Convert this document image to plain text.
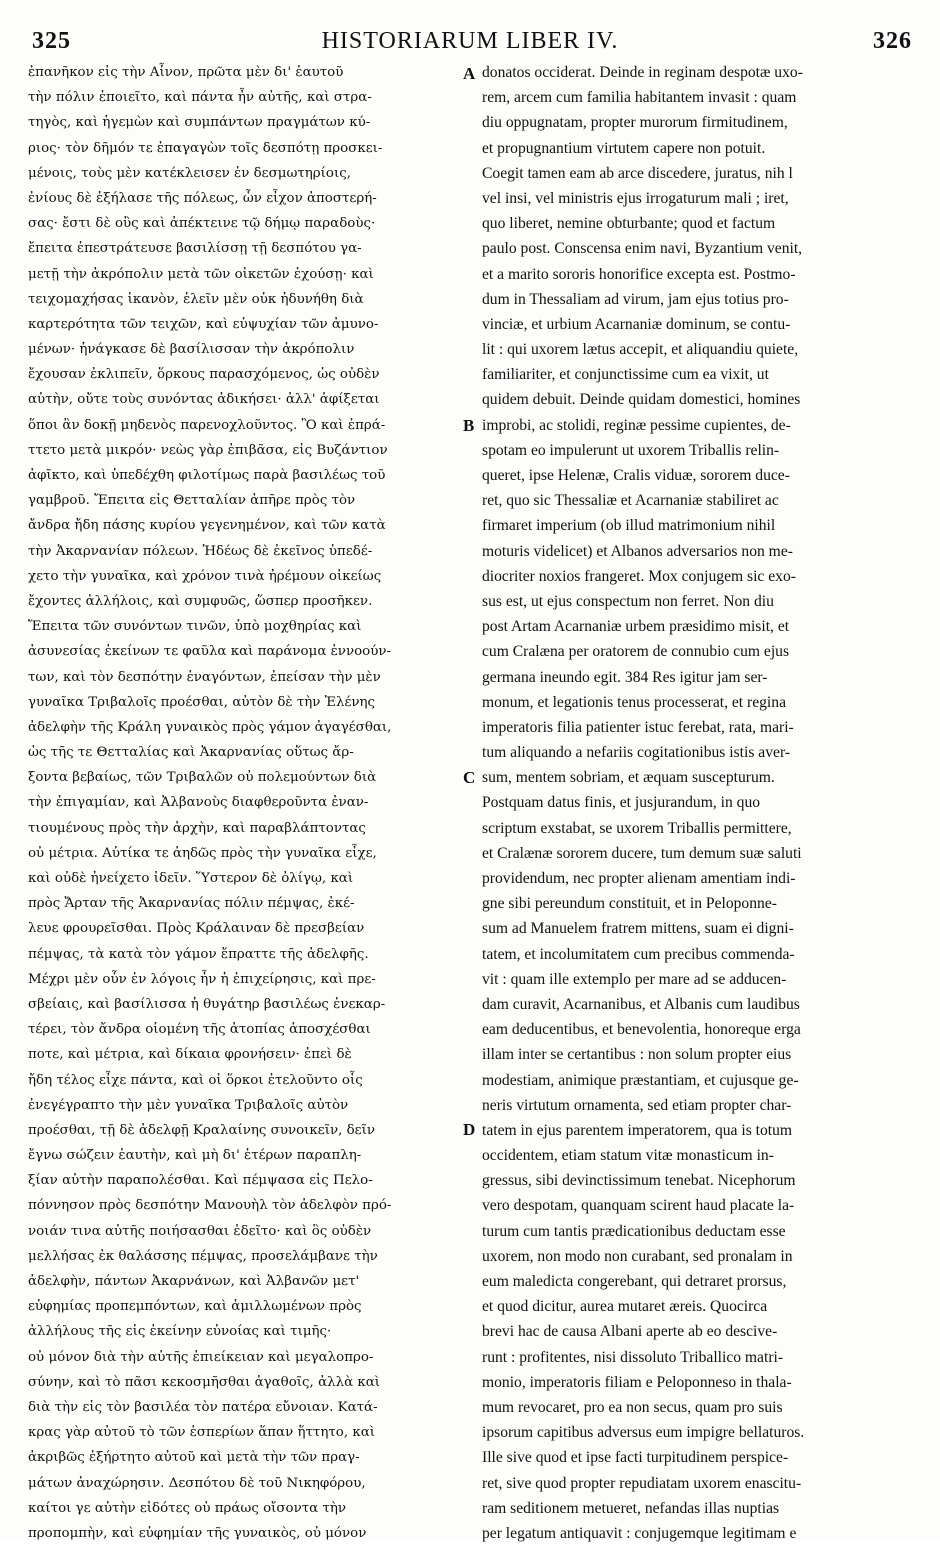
325	HISTORIARUM LIBER IV.	326
ἐπανῆκον εἰς τὴν Αἶνον, πρῶτα μὲν δι' ἑαυτοῦ
τὴν πόλιν ἐποιεῖτο, καὶ πάντα ἦν αὐτῆς, καὶ στρα-
τηγὸς, καὶ ἡγεμὼν καὶ συμπάντων πραγμάτων κύ-
ριος· τὸν δῆμόν τε ἐπαγαγὼν τοῖς δεσπότῃ προσκει-
μένοις, τοὺς μὲν κατέκλεισεν ἐν δεσμωτηρίοις,
ἐνίους δὲ ἐξήλασε τῆς πόλεως, ὧν εἶχον ἀποστερή-
σας· ἔστι δὲ οὓς καὶ ἀπέκτεινε τῷ δήμῳ παραδοὺς·
ἔπειτα ἐπεστράτευσε βασιλίσσῃ τῇ δεσπότου γα-
μετῇ τὴν ἀκρόπολιν μετὰ τῶν οἰκετῶν ἐχούσῃ· καὶ
τειχομαχήσας ἱκανὸν, ἑλεῖν μὲν οὐκ ἠδυνήθη διὰ
καρτερότητα τῶν τειχῶν, καὶ εὐψυχίαν τῶν ἀμυνο-
μένων· ἠνάγκασε δὲ βασίλισσαν τὴν ἀκρόπολιν
ἔχουσαν ἐκλιπεῖν, ὅρκους παρασχόμενος, ὡς οὐδὲν
αὐτὴν, οὔτε τοὺς συνόντας ἀδικήσει· ἀλλ' ἀφίξεται
ὅποι ἂν δοκῇ μηδενὸς παρενοχλοῦντος. Ὃ καὶ ἐπρά-
ττετο μετὰ μικρόν· νεὼς γὰρ ἐπιβᾶσα, εἰς Βυζάντιον
ἀφῖκτο, καὶ ὑπεδέχθη φιλοτίμως παρὰ βασιλέως τοῦ
γαμβροῦ. Ἔπειτα εἰς Θετταλίαν ἀπῆρε πρὸς τὸν
ἄνδρα ἤδη πάσης κυρίου γεγενημένον, καὶ τῶν κατὰ
τὴν Ἀκαρνανίαν πόλεων. Ἠδέως δὲ ἐκεῖνος ὑπεδέ-
χετο τὴν γυναῖκα, καὶ χρόνον τινὰ ἠρέμουν οἰκείως
ἔχοντες ἀλλήλοις, καὶ συμφυῶς, ὥσπερ προσῆκεν.
Ἔπειτα τῶν συνόντων τινῶν, ὑπὸ μοχθηρίας καὶ
ἀσυνεσίας ἐκείνων τε φαῦλα καὶ παράνομα ἐννοούν-
των, καὶ τὸν δεσπότην ἐναγόντων, ἐπείσαν τὴν μὲν
γυναῖκα Τριβαλοῖς προέσθαι, αὐτὸν δὲ τὴν Ἑλένης
ἀδελφὴν τῆς Κράλη γυναικὸς πρὸς γάμον ἀγαγέσθαι,
ὡς τῆς τε Θετταλίας καὶ Ἀκαρνανίας οὕτως ἄρ-
ξοντα βεβαίως, τῶν Τριβαλῶν οὐ πολεμούντων διὰ
τὴν ἐπιγαμίαν, καὶ Ἀλβανοὺς διαφθεροῦντα ἐναν-
τιουμένους πρὸς τὴν ἀρχὴν, καὶ παραβλάπτοντας
οὐ μέτρια. Αὐτίκα τε ἀηδῶς πρὸς τὴν γυναῖκα εἶχε,
καὶ οὐδὲ ἠνείχετο ἰδεῖν. Ὕστερον δὲ ὀλίγῳ, καὶ
πρὸς Ἄρταν τῆς Ἀκαρνανίας πόλιν πέμψας, ἐκέ-
λευε φρουρεῖσθαι. Πρὸς Κράλαιναν δὲ πρεσβείαν
πέμψας, τὰ κατὰ τὸν γάμον ἔπραττε τῆς ἀδελφῆς.
Μέχρι μὲν οὖν ἐν λόγοις ἦν ἡ ἐπιχείρησις, καὶ πρε-
σβείαις, καὶ βασίλισσα ἡ θυγάτηρ βασιλέως ἐνεκαρ-
τέρει, τὸν ἄνδρα οἰομένη τῆς ἀτοπίας ἀποσχέσθαι
ποτε, καὶ μέτρια, καὶ δίκαια φρονήσειν· ἐπεὶ δὲ
ἤδη τέλος εἶχε πάντα, καὶ οἱ ὅρκοι ἐτελοῦντο οἷς
ἐνεγέγραπτο τὴν μὲν γυναῖκα Τριβαλοῖς αὐτὸν
προέσθαι, τῇ δὲ ἀδελφῇ Κραλαίνης συνοικεῖν, δεῖν
ἔγνω σώζειν ἑαυτὴν, καὶ μὴ δι' ἑτέρων παραπλη-
ξίαν αὐτὴν παραπολέσθαι. Καὶ πέμψασα εἰς Πελο-
πόννησον πρὸς δεσπότην Μανουὴλ τὸν ἀδελφὸν πρό-
νοιάν τινα αὐτῆς ποιήσασθαι ἐδεῖτο· καὶ ὃς οὐδὲν
μελλήσας ἐκ θαλάσσης πέμψας, προσελάμβανε τὴν
ἀδελφὴν, πάντων Ἀκαρνάνων, καὶ Ἀλβανῶν μετ'
εὐφημίας προπεμπόντων, καὶ ἁμιλλωμένων πρὸς
ἀλλήλους τῆς εἰς ἐκείνην εὐνοίας καὶ τιμῆς·
οὐ μόνον διὰ τὴν αὐτῆς ἐπιείκειαν καὶ μεγαλοπρο-
σύνην, καὶ τὸ πᾶσι κεκοσμῆσθαι ἀγαθοῖς, ἀλλὰ καὶ
διὰ τὴν εἰς τὸν βασιλέα τὸν πατέρα εὔνοιαν. Κατά-
κρας γὰρ αὐτοῦ τὸ τῶν ἑσπερίων ἅπαν ἥττητο, καὶ
ἀκριβῶς ἐξήρτητο αὐτοῦ καὶ μετὰ τὴν τῶν πραγ-
μάτων ἀναχώρησιν. Δεσπότου δὲ τοῦ Νικηφόρου,
καίτοι γε αὐτὴν εἰδότες οὐ πράως οἴσοντα τὴν
προπομπὴν, καὶ εὐφημίαν τῆς γυναικὸς, οὐ μόνον
A
B
C
D
donatos occiderat. Deinde in reginam despotæ uxo-
rem, arcem cum familia habitantem invasit : quam
diu oppugnatam, propter murorum firmitudinem,
et propugnantium virtutem capere non potuit.
Coegit tamen eam ab arce discedere, juratus, nih l
vel insi, vel ministris ejus irrogaturum mali ; iret,
quo liberet, nemine obturbante; quod et factum
paulo post. Conscensa enim navi, Byzantium venit,
et a marito sororis honorifice excepta est. Postmo-
dum in Thessaliam ad virum, jam ejus totius pro-
vinciæ, et urbium Acarnaniæ dominum, se contu-
lit : qui uxorem lætus accepit, et aliquandiu quiete,
familiariter, et conjunctissime cum ea vixit, ut
quidem debuit. Deinde quidam domestici, homines
improbi, ac stolidi, reginæ pessime cupientes, de-
spotam eo impulerunt ut uxorem Triballis relin-
queret, ipse Helenæ, Cralis viduæ, sororem duce-
ret, quo sic Thessaliæ et Acarnaniæ stabiliret ac
firmaret imperium (ob illud matrimonium nihil
moturis videlicet) et Albanos adversarios non me-
diocriter noxios frangeret. Mox conjugem sic exo-
sus est, ut ejus conspectum non ferret. Non diu
post Artam Acarnaniæ urbem præsidimo misit, et
cum Cralæna per oratorem de connubio cum ejus
germana ineundo egit. 384 Res igitur jam ser-
monum, et legationis tenus processerat, et regina
imperatoris filia patienter istuc ferebat, rata, mari-
tum aliquando a nefariis cogitationibus istis aver-
sum, mentem sobriam, et æquam suscepturum.
Postquam datus finis, et jusjurandum, in quo
scriptum exstabat, se uxorem Triballis permittere,
et Cralænæ sororem ducere, tum demum suæ saluti
providendum, nec propter alienam amentiam indi-
gne sibi pereundum constituit, et in Peloponne-
sum ad Manuelem fratrem mittens, suam ei digni-
tatem, et incolumitatem cum precibus commenda-
vit : quam ille extemplo per mare ad se adducen-
dam curavit, Acarnanibus, et Albanis cum laudibus
eam deducentibus, et benevolentia, honoreque erga
illam inter se certantibus : non solum propter eius
modestiam, animique præstantiam, et cujusque ge-
neris virtutum ornamenta, sed etiam propter char-
tatem in ejus parentem imperatorem, qua is totum
occidentem, etiam statum vitæ monasticum in-
gressus, sibi devinctissimum tenebat. Nicephorum
vero despotam, quanquam scirent haud placate la-
turum cum tantis prædicationibus deductam esse
uxorem, non modo non curabant, sed pronalam in
eum maledicta congerebant, qui detraret prorsus,
et quod dicitur, aurea mutaret æreis. Quocirca
brevi hac de causa Albani aperte ab eo descive-
runt : profitentes, nisi dissoluto Triballico matri-
monio, imperatoris filiam e Peloponneso in thala-
mum revocaret, pro ea non secus, quam pro suis
ipsorum capitibus adversus eum impigre bellaturos.
Ille sive quod et ipse facti turpitudinem perspice-
ret, sive quod propter repudiatam uxorem enascitu-
ram seditionem metueret, nefandas illas nuptias
per legatum antiquavit : conjugemque legitimam e
